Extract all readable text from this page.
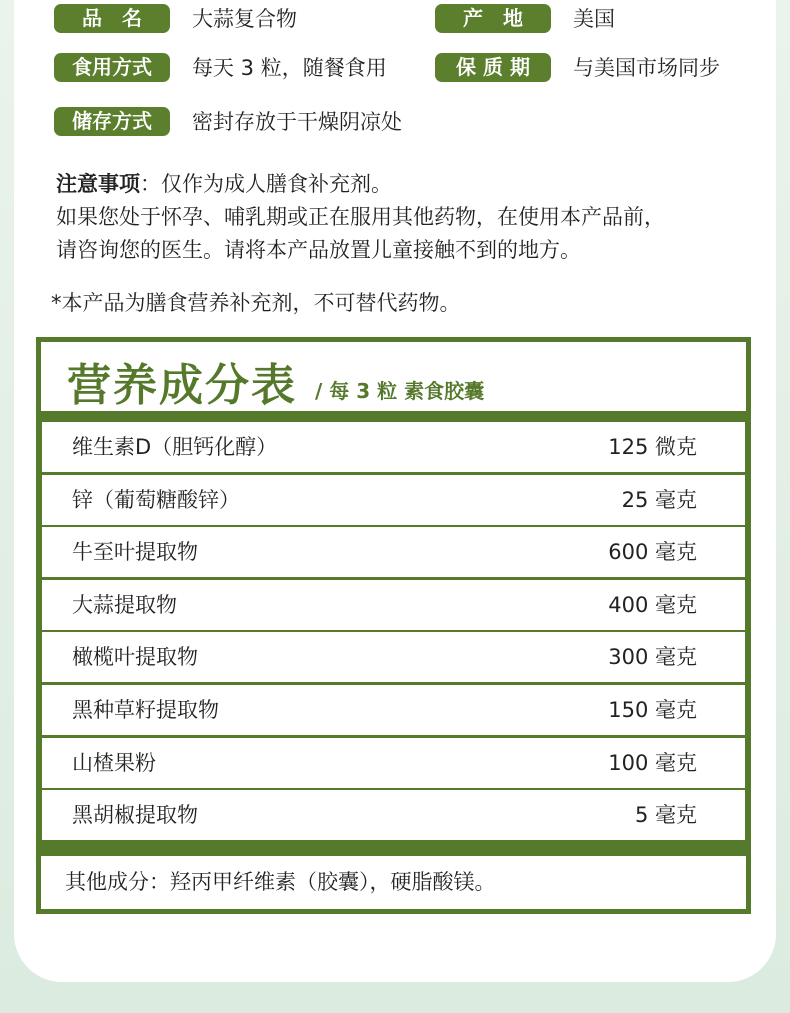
品　名	大蒜复合物	产　地	美国
食用方式	每天 3 粒，随餐食用	保 质 期	与美国市场同步
储存方式	密封存放于干燥阴凉处
注意事项：仅作为成人膳食补充剂。
如果您处于怀孕、哺乳期或正在服用其他药物，在使用本产品前，
请咨询您的医生。请将本产品放置儿童接触不到的地方。
*本产品为膳食营养补充剂，不可替代药物。
营养成分表 / 每 3 粒 素食胶囊
维生素D（胆钙化醇）	125 微克
锌（葡萄糖酸锌）	25 毫克
牛至叶提取物	600 毫克
大蒜提取物	400 毫克
橄榄叶提取物	300 毫克
黑种草籽提取物	150 毫克
山楂果粉	100 毫克
黑胡椒提取物	5 毫克
其他成分：羟丙甲纤维素（胶囊），硬脂酸镁。
